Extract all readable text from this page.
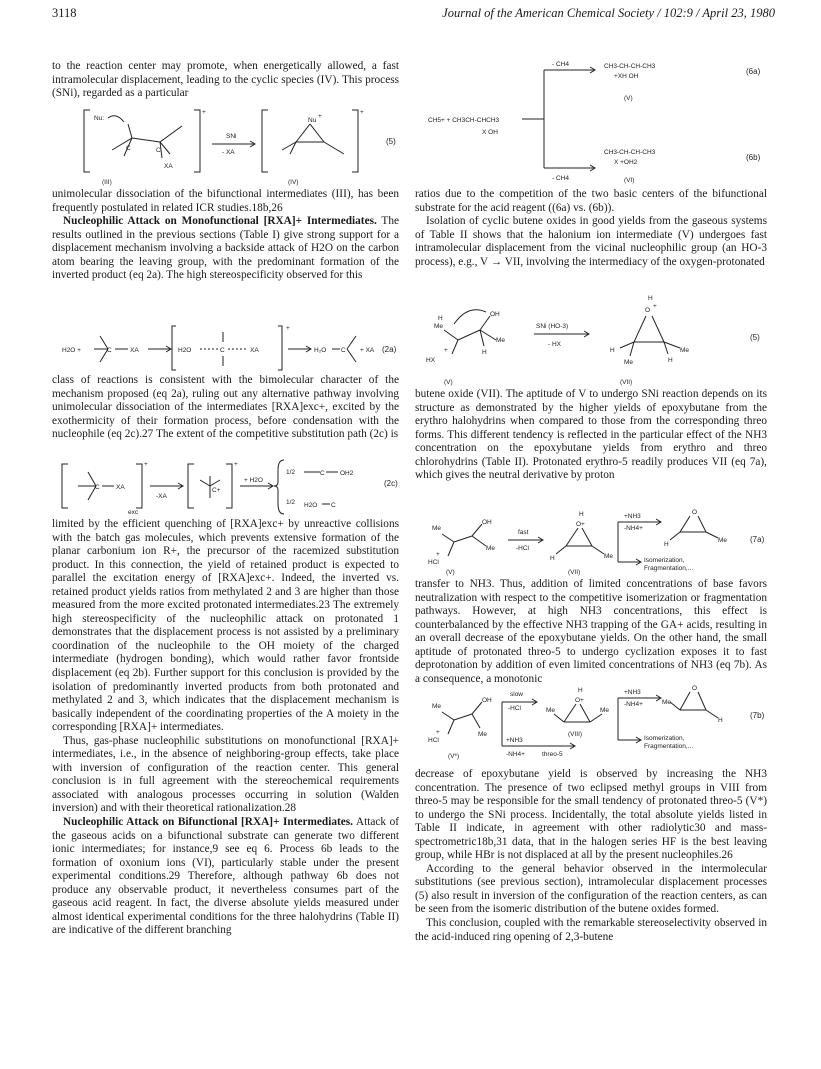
3118	Journal of the American Chemical Society / 102:9 / April 23, 1980

to the reaction center may promote, when energetically allowed, a fast intramolecular displacement, leading to the cyclic species (IV). This process (SNi), regarded as a particular

+
Nu:
C	C
XA
SNi
- XA
+
Nu
+
(5)
(III)	(IV)

unimolecular dissociation of the bifunctional intermediates (III), has been frequently postulated in related ICR studies.18b,26

Nucleophilic Attack on Monofunctional [RXA]+ Intermediates. The results outlined in the previous sections (Table I) give strong support for a displacement mechanism involving a backside attack of H2O on the carbon atom bearing the leaving group, with the predominant formation of the inverted product (eq 2a). The high stereospecificity observed for this

H2O +	C	XA
+
H2O	C	XA	H₂O C + XA (2a)

class of reactions is consistent with the bimolecular character of the mechanism proposed (eq 2a), ruling out any alternative pathway involving unimolecular dissociation of the intermediates [RXA]exc+, excited by the exothermicity of their formation process, before condensation with the nucleophile (eq 2c).27 The extent of the competitive substitution path (2c) is

+
exc
C	XA
-XA
+
C+
+ H2O
1/2	C OH2
1/2 H2O C
(2c)

limited by the efficient quenching of [RXA]exc+ by unreactive collisions with the batch gas molecules, which prevents extensive formation of the planar carbonium ion R+, the precursor of the racemized substitution product. In this connection, the yield of retained product is expected to parallel the excitation energy of [RXA]exc+. Indeed, the inverted vs. retained product yields ratios from methylated 2 and 3 are higher than those measured from the more excited protonated intermediates.23 The extremely high stereospecificity of the nucleophilic attack on protonated 1 demonstrates that the displacement process is not assisted by a preliminary coordination of the nucleophile to the OH moiety of the charged intermediate (hydrogen bonding), which would rather favor frontside displacement (eq 2b). Further support for this conclusion is provided by the isolation of predominantly inverted products from both protonated and methylated 2 and 3, which indicates that the displacement mechanism is basically independent of the coordinating properties of the A moiety in the corresponding [RXA]+ intermediates.

Thus, gas-phase nucleophilic substitutions on monofunctional [RXA]+ intermediates, i.e., in the absence of neighboring-group effects, take place with inversion of configuration of the reaction center. This general conclusion is in full agreement with the stereochemical requirements associated with analogous processes occurring in solution (Walden inversion) and with their theoretical rationalization.28

Nucleophilic Attack on Bifunctional [RXA]+ Intermediates. Attack of the gaseous acids on a bifunctional substrate can generate two different ionic intermediates; for instance,9 see eq 6. Process 6b leads to the formation of oxonium ions (VI), particularly stable under the present experimental conditions.29 Therefore, although pathway 6b does not produce any observable product, it nevertheless consumes part of the gaseous acid reagent. In fact, the diverse absolute yields measured under almost identical experimental conditions for the three halohydrins (Table II) are indicative of the different branching

CH5+ + CH3CH-CHCH3
X OH
- CH4
- CH4
CH3-CH-CH-CH3
+XH OH
(6a)
(V)
CH3-CH-CH-CH3
X +OH2
(6b)
(VI)

ratios due to the competition of the two basic centers of the bifunctional substrate for the acid reagent ((6a) vs. (6b)).

Isolation of cyclic butene oxides in good yields from the gaseous systems of Table II shows that the halonium ion intermediate (V) undergoes fast intramolecular displacement from the vicinal nucleophilic group (an HO-3 process), e.g., V → VII, involving the intermediacy of the oxygen-protonated

Me
H
OH
Me
H
HX
+
SNi (HO-3)
- HX
H
O
+
H
Me
Me
H
(5)
(V)	(VII)

butene oxide (VII). The aptitude of V to undergo SNi reaction depends on its structure as demonstrated by the higher yields of epoxybutane from the erythro halohydrins when compared to those from the corresponding threo forms. This different tendency is reflected in the particular effect of the NH3 concentration on the epoxybutane yields from erythro and threo chlorohydrins (Table II). Protonated erythro-5 readily produces VII (eq 7a), which gives the neutral derivative by proton

Me
OH
Me
HCl
+
fast
-HCl
H
O+
H	Me
+NH3
-NH4+
Isomerization,
Fragmentation,...
O
H
Me	(7a)
(V)	(VII)

transfer to NH3. Thus, addition of limited concentrations of base favors neutralization with respect to the competitive isomerization or fragmentation pathways. However, at high NH3 concentrations, this effect is counterbalanced by the effective NH3 trapping of the GA+ acids, resulting in an overall decrease of the epoxybutane yields. On the other hand, the small aptitude of protonated threo-5 to undergo cyclization exposes it to fast deprotonation by addition of even limited concentrations of NH3 (eq 7b). As a consequence, a monotonic

Me
OH
Me
HCl
+
(V*)
slow
-HCl
+NH3
-NH4+	threo-5
H
O+
Me	Me
(VIII)
+NH3
-NH4+
Isomerization,
Fragmentation,...
O
Me
H
(7b)

decrease of epoxybutane yield is observed by increasing the NH3 concentration. The presence of two eclipsed methyl groups in VIII from threo-5 may be responsible for the small tendency of protonated threo-5 (V*) to undergo the SNi process. Incidentally, the total absolute yields listed in Table II indicate, in agreement with other radiolytic30 and mass-spectrometric18b,31 data, that in the halogen series HF is the best leaving group, while HBr is not displaced at all by the present nucleophiles.26

According to the general behavior observed in the intermolecular substitutions (see previous section), intramolecular displacement processes (5) also result in inversion of the configuration of the reaction centers, as can be seen from the isomeric distribution of the butene oxides formed.

This conclusion, coupled with the remarkable stereoselectivity observed in the acid-induced ring opening of 2,3-butene
